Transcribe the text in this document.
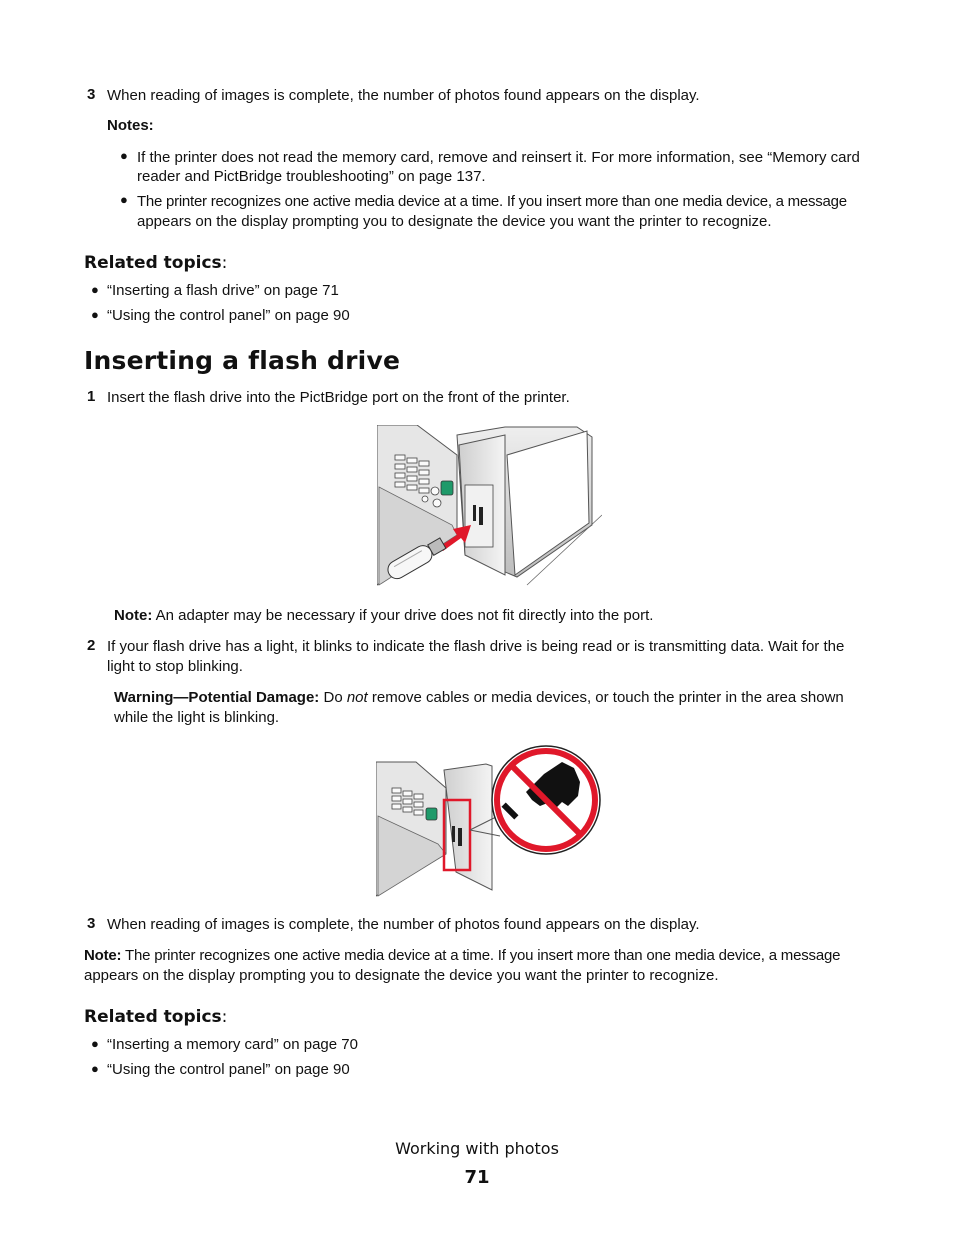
3 When reading of images is complete, the number of photos found appears on the display.
Notes:
● If the printer does not read the memory card, remove and reinsert it. For more information, see “Memory card
reader and PictBridge troubleshooting” on page 137.
● The printer recognizes one active media device at a time. If you insert more than one media device, a message
appears on the display prompting you to designate the device you want the printer to recognize.
Related topics:
● “Inserting a flash drive” on page 71
● “Using the control panel” on page 90
Inserting a flash drive
1 Insert the flash drive into the PictBridge port on the front of the printer.
Note: An adapter may be necessary if your drive does not fit directly into the port.
2 If your flash drive has a light, it blinks to indicate the flash drive is being read or is transmitting data. Wait for the
light to stop blinking.
Warning—Potential Damage: Do not remove cables or media devices, or touch the printer in the area shown
while the light is blinking.
3 When reading of images is complete, the number of photos found appears on the display.
Note: The printer recognizes one active media device at a time. If you insert more than one media device, a message
appears on the display prompting you to designate the device you want the printer to recognize.
Related topics:
● “Inserting a memory card” on page 70
● “Using the control panel” on page 90
Working with photos
71
